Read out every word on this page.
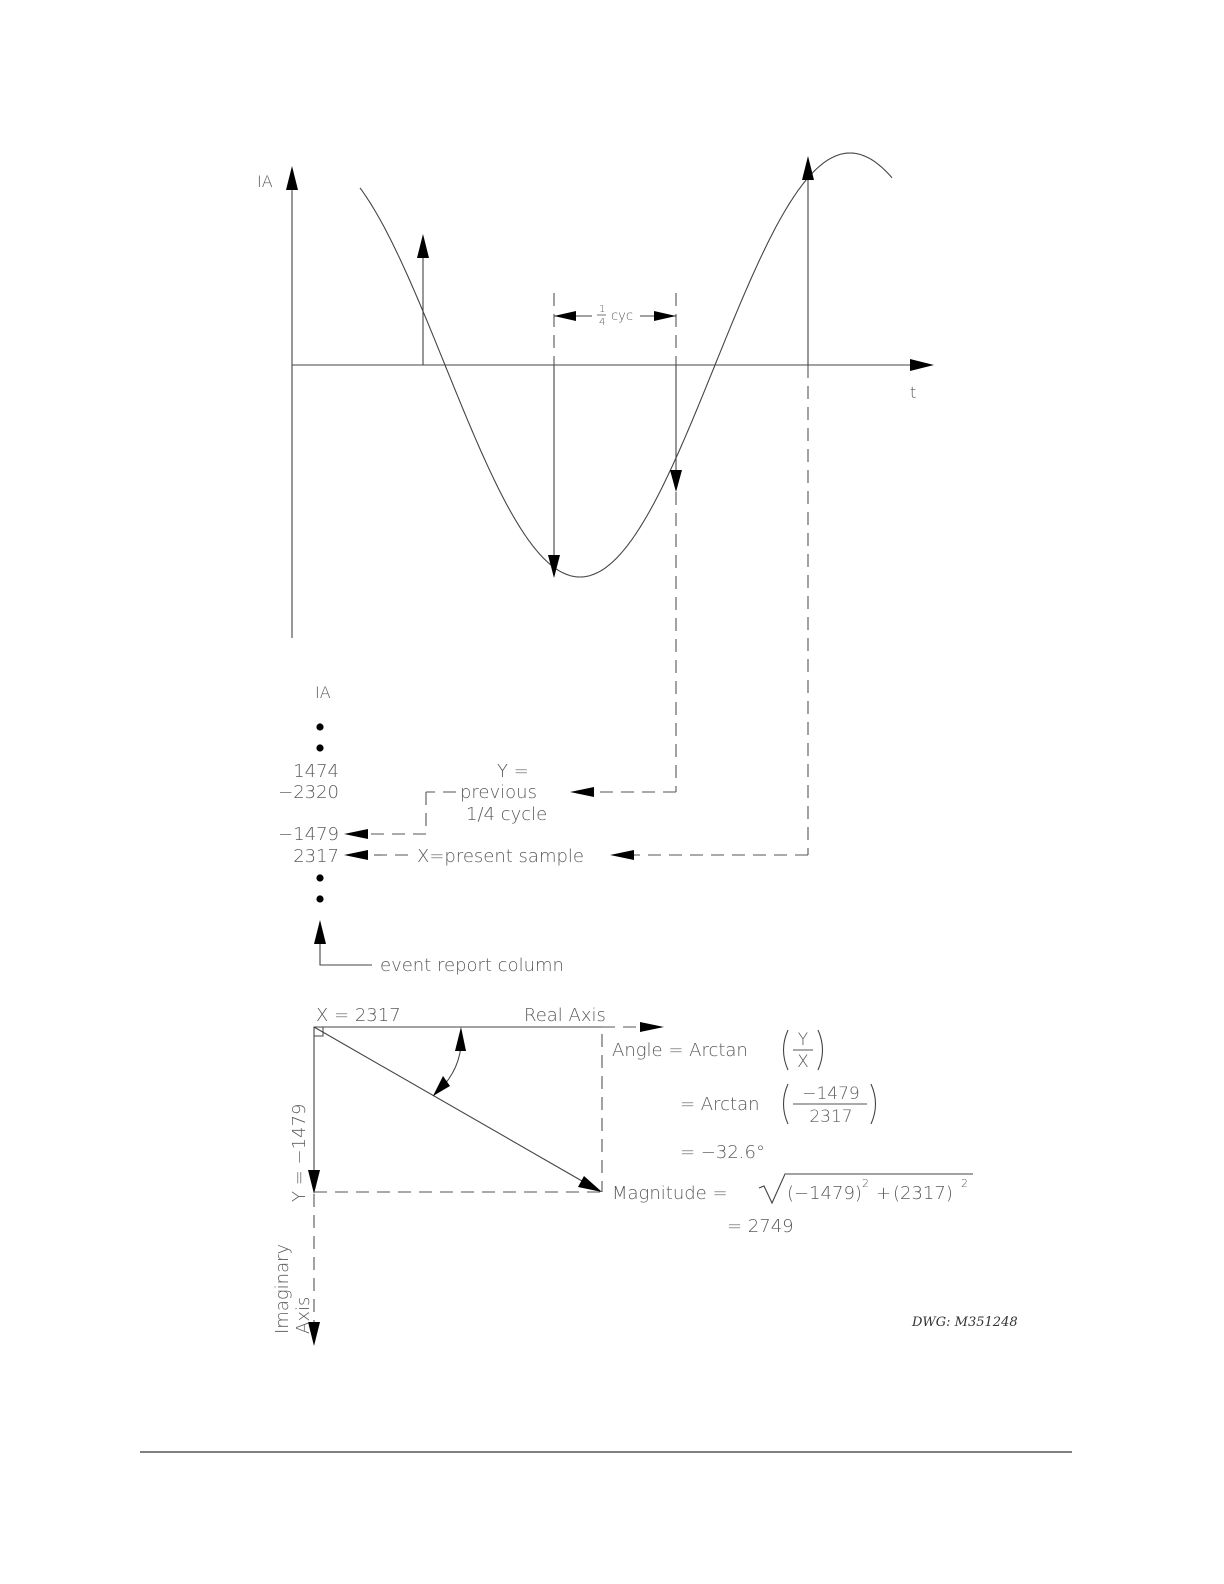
IA
t
1
4 cyc
IA
1474
−2320
−1479
2317
Y =
previous
1/4 cycle
X=present sample
event report column
X = 2317	Real Axis
Y = −1479
Imaginary Axis
Angle = Arctan	Y
X
= Arctan	−1479
2317
= −32.6°
Magnitude =	(−1479) 2 + (2317) 2
= 2749
DWG: M351248
